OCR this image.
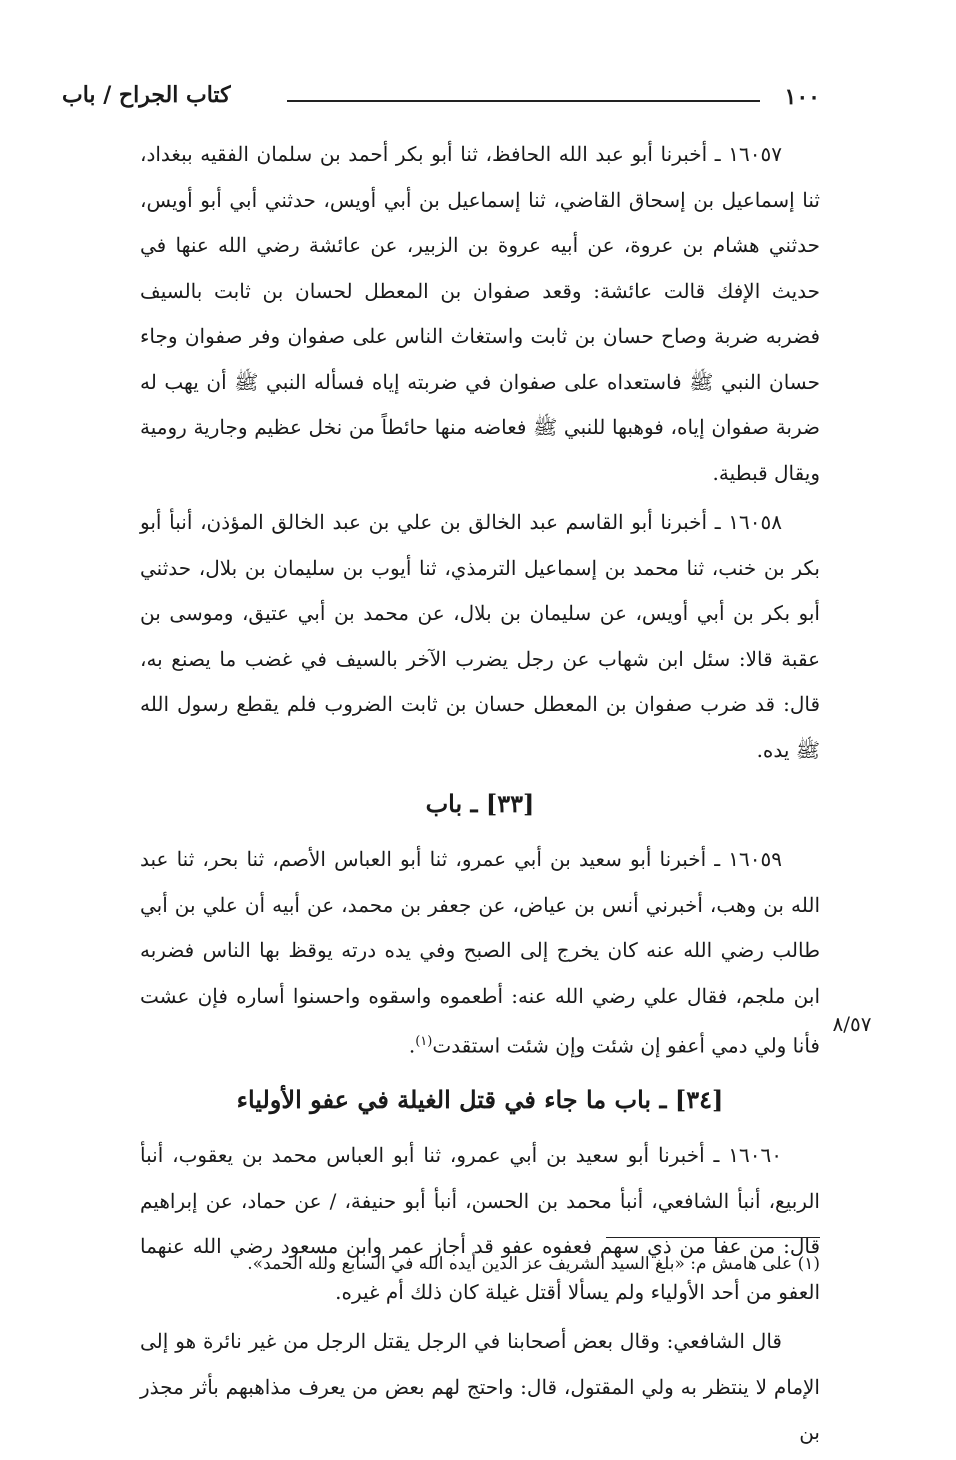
١٠٠
كتاب الجراح / باب

١٦٠٥٧ ـ أخبرنا أبو عبد الله الحافظ، ثنا أبو بكر أحمد بن سلمان الفقيه ببغداد، ثنا إسماعيل بن إسحاق القاضي، ثنا إسماعيل بن أبي أويس، حدثني أبي أبو أويس، حدثني هشام بن عروة، عن أبيه عروة بن الزبير، عن عائشة رضي الله عنها في حديث الإفك قالت عائشة: وقعد صفوان بن المعطل لحسان بن ثابت بالسيف فضربه ضربة وصاح حسان بن ثابت واستغاث الناس على صفوان وفر صفوان وجاء حسان النبي ﷺ فاستعداه على صفوان في ضربته إياه فسأله النبي ﷺ أن يهب له ضربة صفوان إياه، فوهبها للنبي ﷺ فعاضه منها حائطاً من نخل عظيم وجارية رومية ويقال قبطية.

١٦٠٥٨ ـ أخبرنا أبو القاسم عبد الخالق بن علي بن عبد الخالق المؤذن، أنبأ أبو بكر بن خنب، ثنا محمد بن إسماعيل الترمذي، ثنا أيوب بن سليمان بن بلال، حدثني أبو بكر بن أبي أويس، عن سليمان بن بلال، عن محمد بن أبي عتيق، وموسى بن عقبة قالا: سئل ابن شهاب عن رجل يضرب الآخر بالسيف في غضب ما يصنع به، قال: قد ضرب صفوان بن المعطل حسان بن ثابت الضروب فلم يقطع رسول الله ﷺ يده.

[٣٣] ـ باب

١٦٠٥٩ ـ أخبرنا أبو سعيد بن أبي عمرو، ثنا أبو العباس الأصم، ثنا بحر، ثنا عبد الله بن وهب، أخبرني أنس بن عياض، عن جعفر بن محمد، عن أبيه أن علي بن أبي طالب رضي الله عنه كان يخرج إلى الصبح وفي يده درته يوقظ بها الناس فضربه ابن ملجم، فقال علي رضي الله عنه: أطعموه واسقوه واحسنوا أساره فإن عشت فأنا ولي دمي أعفو إن شئت وإن شئت استقدت$^{(١)}$.

[٣٤] ـ باب ما جاء في قتل الغيلة في عفو الأولياء

١٦٠٦٠ ـ أخبرنا أبو سعيد بن أبي عمرو، ثنا أبو العباس محمد بن يعقوب، أنبأ الربيع، أنبأ الشافعي، أنبأ محمد بن الحسن، أنبأ أبو حنيفة، / عن حماد، عن إبراهيم قال: من عفا من ذي سهم فعفوه عفو قد أجاز عمر وابن مسعود رضي الله عنهما العفو من أحد الأولياء ولم يسألا أقتل غيلة كان ذلك أم غيره.

قال الشافعي: وقال بعض أصحابنا في الرجل يقتل الرجل من غير نائرة هو إلى الإمام لا ينتظر به ولي المقتول، قال: واحتج لهم بعض من يعرف مذاهبهم بأثر مجذر بن

٨/٥٧
(١) على هامش م: «بلغ السيد الشريف عز الدين أيده الله في السابع ولله الحمد».
